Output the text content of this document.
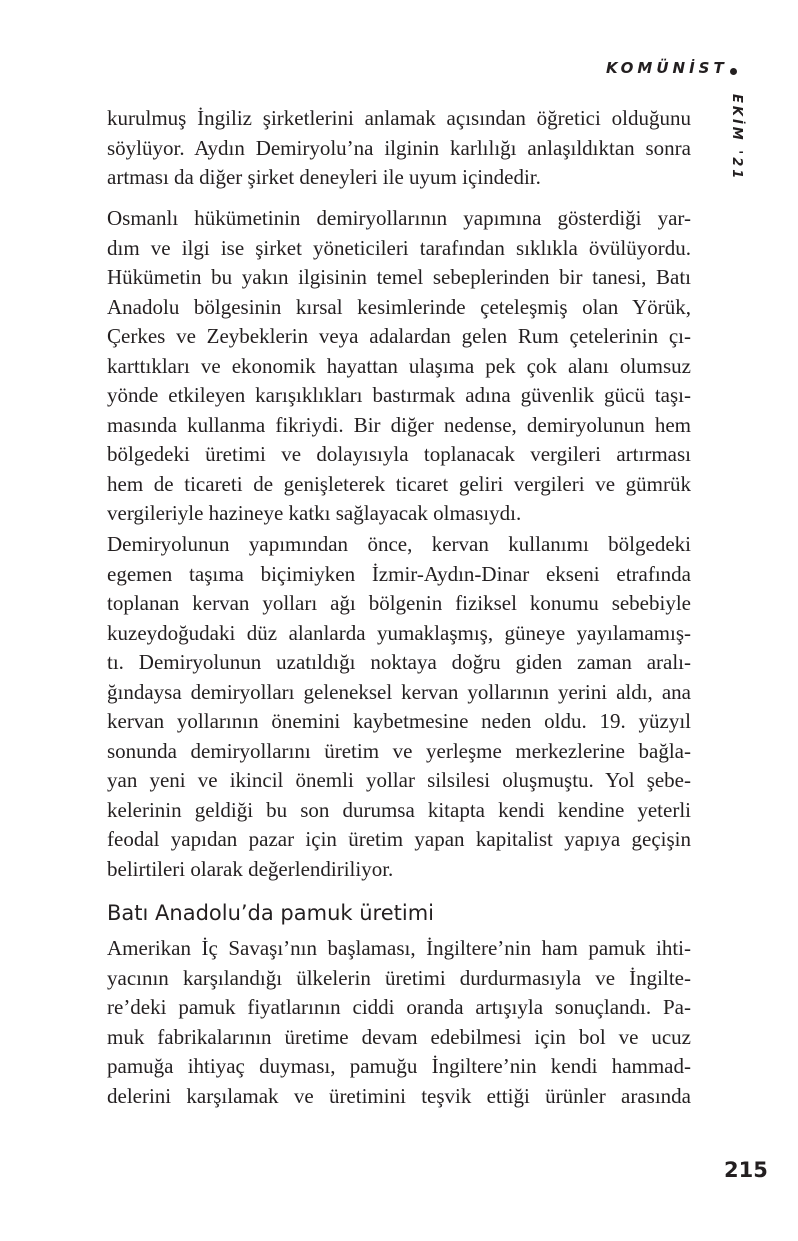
KOMÜNİST
EKİM '21
kurulmuş İngiliz şirketlerini anlamak açısından öğretici olduğunu
söylüyor. Aydın Demiryolu’na ilginin karlılığı anlaşıldıktan sonra
artması da diğer şirket deneyleri ile uyum içindedir.
Osmanlı hükümetinin demiryollarının yapımına gösterdiği yar-
dım ve ilgi ise şirket yöneticileri tarafından sıklıkla övülüyordu.
Hükümetin bu yakın ilgisinin temel sebeplerinden bir tanesi, Batı
Anadolu bölgesinin kırsal kesimlerinde çeteleşmiş olan Yörük,
Çerkes ve Zeybeklerin veya adalardan gelen Rum çetelerinin çı-
karttıkları ve ekonomik hayattan ulaşıma pek çok alanı olumsuz
yönde etkileyen karışıklıkları bastırmak adına güvenlik gücü taşı-
masında kullanma fikriydi. Bir diğer nedense, demiryolunun hem
bölgedeki üretimi ve dolayısıyla toplanacak vergileri artırması
hem de ticareti de genişleterek ticaret geliri vergileri ve gümrük
vergileriyle hazineye katkı sağlayacak olmasıydı.
Demiryolunun yapımından önce, kervan kullanımı bölgedeki
egemen taşıma biçimiyken İzmir-Aydın-Dinar ekseni etrafında
toplanan kervan yolları ağı bölgenin fiziksel konumu sebebiyle
kuzeydoğudaki düz alanlarda yumaklaşmış, güneye yayılamamış-
tı. Demiryolunun uzatıldığı noktaya doğru giden zaman aralı-
ğındaysa demiryolları geleneksel kervan yollarının yerini aldı, ana
kervan yollarının önemini kaybetmesine neden oldu. 19. yüzyıl
sonunda demiryollarını üretim ve yerleşme merkezlerine bağla-
yan yeni ve ikincil önemli yollar silsilesi oluşmuştu. Yol şebe-
kelerinin geldiği bu son durumsa kitapta kendi kendine yeterli
feodal yapıdan pazar için üretim yapan kapitalist yapıya geçişin
belirtileri olarak değerlendiriliyor.
Batı Anadolu’da pamuk üretimi
Amerikan İç Savaşı’nın başlaması, İngiltere’nin ham pamuk ihti-
yacının karşılandığı ülkelerin üretimi durdurmasıyla ve İngilte-
re’deki pamuk fiyatlarının ciddi oranda artışıyla sonuçlandı. Pa-
muk fabrikalarının üretime devam edebilmesi için bol ve ucuz
pamuğa ihtiyaç duyması, pamuğu İngiltere’nin kendi hammad-
delerini karşılamak ve üretimini teşvik ettiği ürünler arasında
215
